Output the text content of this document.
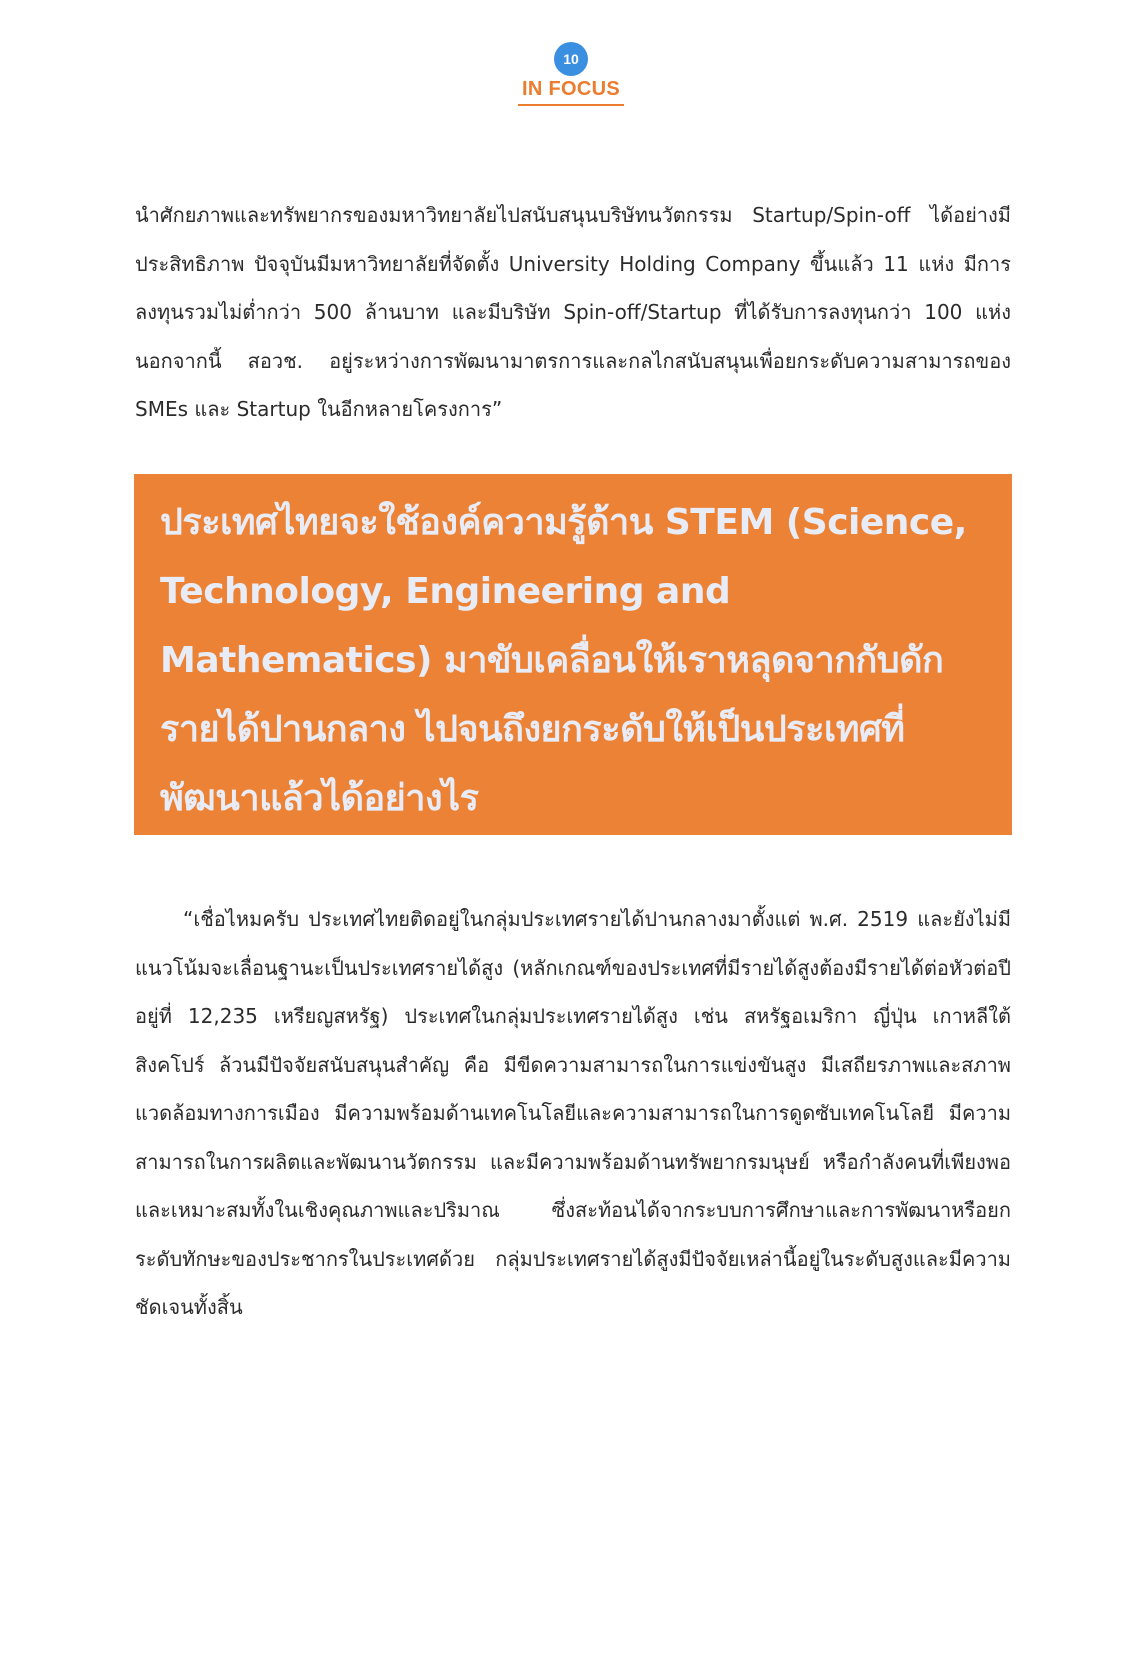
10
IN FOCUS

นำศักยภาพและทรัพยากรของมหาวิทยาลัยไปสนับสนุนบริษัทนวัตกรรม Startup/Spin-off ได้อย่างมีประสิทธิภาพ ปัจจุบันมีมหาวิทยาลัยที่จัดตั้ง University Holding Company ขึ้นแล้ว 11 แห่ง มีการลงทุนรวมไม่ต่ำกว่า 500 ล้านบาท และมีบริษัท Spin-off/Startup ที่ได้รับการลงทุนกว่า 100 แห่ง นอกจากนี้ สอวช. อยู่ระหว่างการพัฒนามาตรการและกลไกสนับสนุนเพื่อยกระดับความสามารถของ SMEs และ Startup ในอีกหลายโครงการ”

ประเทศไทยจะใช้องค์ความรู้ด้าน STEM (Science, Technology, Engineering and Mathematics) มาขับเคลื่อนให้เราหลุดจากกับดักรายได้ปานกลาง ไปจนถึงยกระดับให้เป็นประเทศที่พัฒนาแล้วได้อย่างไร

“เชื่อไหมครับ ประเทศไทยติดอยู่ในกลุ่มประเทศรายได้ปานกลางมาตั้งแต่ พ.ศ. 2519 และยังไม่มีแนวโน้มจะเลื่อนฐานะเป็นประเทศรายได้สูง (หลักเกณฑ์ของประเทศที่มีรายได้สูงต้องมีรายได้ต่อหัวต่อปีอยู่ที่ 12,235 เหรียญสหรัฐ) ประเทศในกลุ่มประเทศรายได้สูง เช่น สหรัฐอเมริกา ญี่ปุ่น เกาหลีใต้ สิงคโปร์ ล้วนมีปัจจัยสนับสนุนสำคัญ คือ มีขีดความสามารถในการแข่งขันสูง มีเสถียรภาพและสภาพแวดล้อมทางการเมือง มีความพร้อมด้านเทคโนโลยีและความสามารถในการดูดซับเทคโนโลยี มีความสามารถในการผลิตและพัฒนานวัตกรรม และมีความพร้อมด้านทรัพยากรมนุษย์ หรือกำลังคนที่เพียงพอและเหมาะสมทั้งในเชิงคุณภาพและปริมาณ ซึ่งสะท้อนได้จากระบบการศึกษาและการพัฒนาหรือยกระดับทักษะของประชากรในประเทศด้วย กลุ่มประเทศรายได้สูงมีปัจจัยเหล่านี้อยู่ในระดับสูงและมีความชัดเจนทั้งสิ้น
